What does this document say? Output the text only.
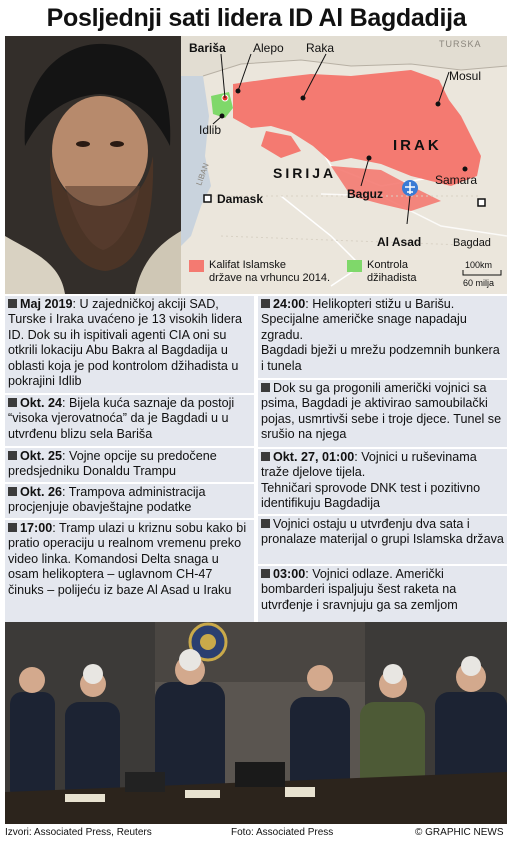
Posljednji sati lidera ID Al Bagdadija
Bariša Alepo Raka	TURSKA
Mosul
Idlib
IRAK
LIBAN	SIRIJA	Samara
Damask	Baguz
Al Asad	Bagdad
Kalifat Islamske
države na vrhuncu 2014.
Kontrola
džihadista
100km
60 milja
Maj 2019: U zajedničkoj akciji SAD, Turske i Iraka uvaćeno je 13 visokih lidera ID. Dok su ih ispitivali agenti CIA oni su otkrili lokaciju Abu Bakra al Bagdadija u oblasti koja je pod kontrolom džihadista u pokrajini Idlib
Okt. 24: Bijela kuća saznaje da postoji “visoka vjerovatnoća” da je Bagdadi u u utvrđenu blizu sela Bariša
Okt. 25: Vojne opcije su predočene predsjedniku Donaldu Trampu
Okt. 26: Trampova administracija procjenjuje obavještajne podatke
17:00: Tramp ulazi u kriznu sobu kako bi pratio operaciju u realnom vremenu preko video linka. Komandosi Delta snaga u osam helikoptera – uglavnom CH-47 činuks – polijeću iz baze Al Asad u Iraku
24:00: Helikopteri stižu u Barišu. Specijalne američke snage napadaju zgradu.
Bagdadi bježi u mrežu podzemnih bunkera i tunela
Dok su ga progonili američki vojnici sa psima, Bagdadi je aktivirao samoubilački pojas, usmrtivši sebe i troje djece. Tunel se srušio na njega
Okt. 27, 01:00: Vojnici u ruševinama traže djelove tijela.
Tehničari sprovode DNK test i pozitivno identifikuju Bagdadija
Vojnici ostaju u utvrđenju dva sata i pronalaze materijal o grupi Islamska država
03:00: Vojnici odlaze. Američki bombarderi ispaljuju šest raketa na utvrđenje i sravnjuju ga sa zemljom
Izvori: Associated Press, Reuters	Foto: Associated Press	© GRAPHIC NEWS
